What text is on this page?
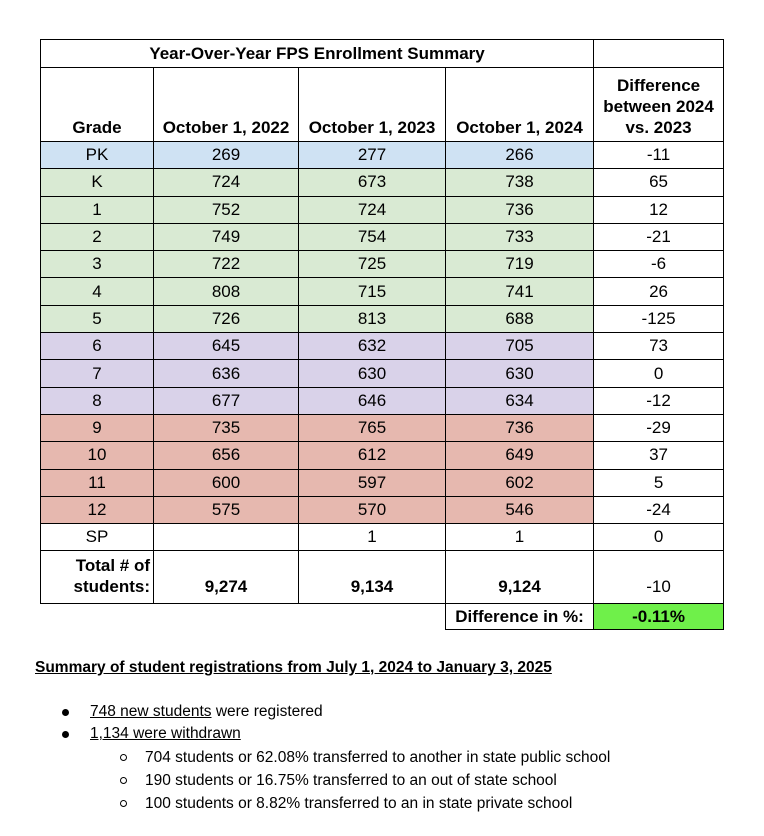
Year-Over-Year FPS Enrollment Summary				
Grade	October 1, 2022	October 1, 2023	October 1, 2024	Difference between 2024 vs. 2023
PK	269	277	266	-11
K	724	673	738	65
1	752	724	736	12
2	749	754	733	-21
3	722	725	719	-6
4	808	715	741	26
5	726	813	688	-125
6	645	632	705	73
7	636	630	630	0
8	677	646	634	-12
9	735	765	736	-29
10	656	612	649	37
11	600	597	602	5
12	575	570	546	-24
SP		1	1	0
Total # of students:	9,274	9,134	9,124	-10
			Difference in %:	-0.11%
Summary of student registrations from July 1, 2024 to January 3, 2025
748 new students were registered
1,134 were withdrawn
704 students or 62.08% transferred to another in state public school
190 students or 16.75% transferred to an out of state school
100 students or 8.82% transferred to an in state private school
